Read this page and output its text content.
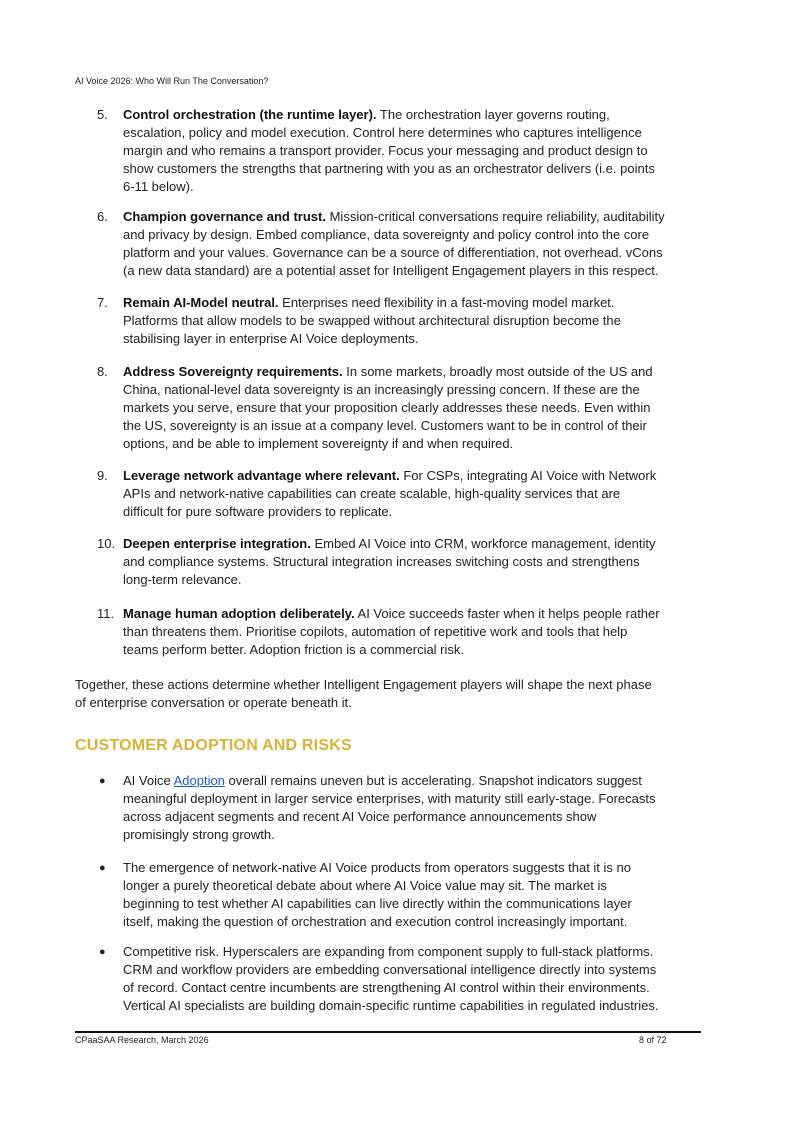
AI Voice 2026: Who Will Run The Conversation?
5. Control orchestration (the runtime layer). The orchestration layer governs routing,
escalation, policy and model execution. Control here determines who captures intelligence
margin and who remains a transport provider. Focus your messaging and product design to
show customers the strengths that partnering with you as an orchestrator delivers (i.e. points
6-11 below).
6. Champion governance and trust. Mission-critical conversations require reliability, auditability
and privacy by design. Embed compliance, data sovereignty and policy control into the core
platform and your values. Governance can be a source of differentiation, not overhead. vCons
(a new data standard) are a potential asset for Intelligent Engagement players in this respect.
7. Remain AI-Model neutral. Enterprises need flexibility in a fast-moving model market.
Platforms that allow models to be swapped without architectural disruption become the
stabilising layer in enterprise AI Voice deployments.
8. Address Sovereignty requirements. In some markets, broadly most outside of the US and
China, national-level data sovereignty is an increasingly pressing concern. If these are the
markets you serve, ensure that your proposition clearly addresses these needs. Even within
the US, sovereignty is an issue at a company level. Customers want to be in control of their
options, and be able to implement sovereignty if and when required.
9. Leverage network advantage where relevant. For CSPs, integrating AI Voice with Network
APIs and network-native capabilities can create scalable, high-quality services that are
difficult for pure software providers to replicate.
10. Deepen enterprise integration. Embed AI Voice into CRM, workforce management, identity
and compliance systems. Structural integration increases switching costs and strengthens
long-term relevance.
11. Manage human adoption deliberately. AI Voice succeeds faster when it helps people rather
than threatens them. Prioritise copilots, automation of repetitive work and tools that help
teams perform better. Adoption friction is a commercial risk.
Together, these actions determine whether Intelligent Engagement players will shape the next phase
of enterprise conversation or operate beneath it.
CUSTOMER ADOPTION AND RISKS
● AI Voice Adoption overall remains uneven but is accelerating. Snapshot indicators suggest
meaningful deployment in larger service enterprises, with maturity still early-stage. Forecasts
across adjacent segments and recent AI Voice performance announcements show
promisingly strong growth.
● The emergence of network-native AI Voice products from operators suggests that it is no
longer a purely theoretical debate about where AI Voice value may sit. The market is
beginning to test whether AI capabilities can live directly within the communications layer
itself, making the question of orchestration and execution control increasingly important.
● Competitive risk. Hyperscalers are expanding from component supply to full-stack platforms.
CRM and workflow providers are embedding conversational intelligence directly into systems
of record. Contact centre incumbents are strengthening AI control within their environments.
Vertical AI specialists are building domain-specific runtime capabilities in regulated industries.
CPaaSAA Research, March 2026	8 of 72
